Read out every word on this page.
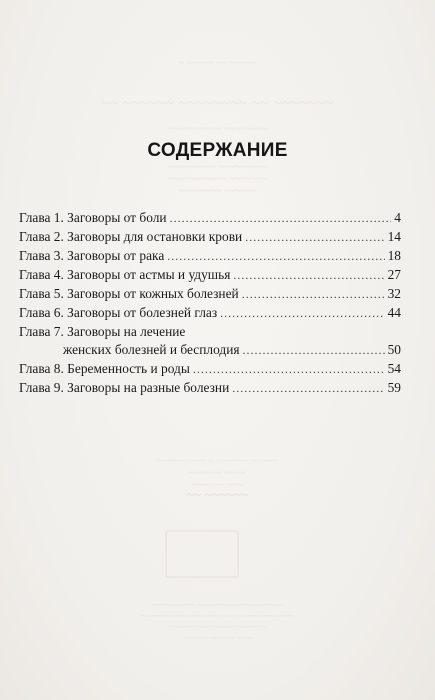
~ ~~~~~ ~~ ~~~~~
~~ ~~~~~~ ~~~~~~~~ ~~ ~~~~~~~
~~~~~~~~~~ ~~~~~~~~
~~~~~~~~~ ~~~~~~~~~
~~~~~~~~~~~ ~~~~~~~
~~~~~~~~ ~~~~~~
~~~~~~~~~ ~ ~~~~~~ ~~~~~
~~~~~~ ~~~~
~~~~~~ ~~~
~~ ~~~~~~
~~~~~~~~~ ~~~~~~~~~~~~~~~~~~
~~~~~~ ~~~~~~~~~~~~ ~~~~~ ~~~~~~~
~~~~~~~~~~~~~~~~~~~~
~~~~~ ~~~~~ ~~~
СОДЕРЖАНИЕ
Глава 1. Заговоры от боли .....	4
Глава 2. Заговоры для остановки крови .....	14
Глава 3. Заговоры от рака .....	18
Глава 4. Заговоры от астмы и удушья .....	27
Глава 5. Заговоры от кожных болезней .....	32
Глава 6. Заговоры от болезней глаз .....	44
Глава 7. Заговоры на лечение
женских болезней и бесплодия .....	50
Глава 8. Беременность и роды .....	54
Глава 9. Заговоры на разные болезни .....	59
